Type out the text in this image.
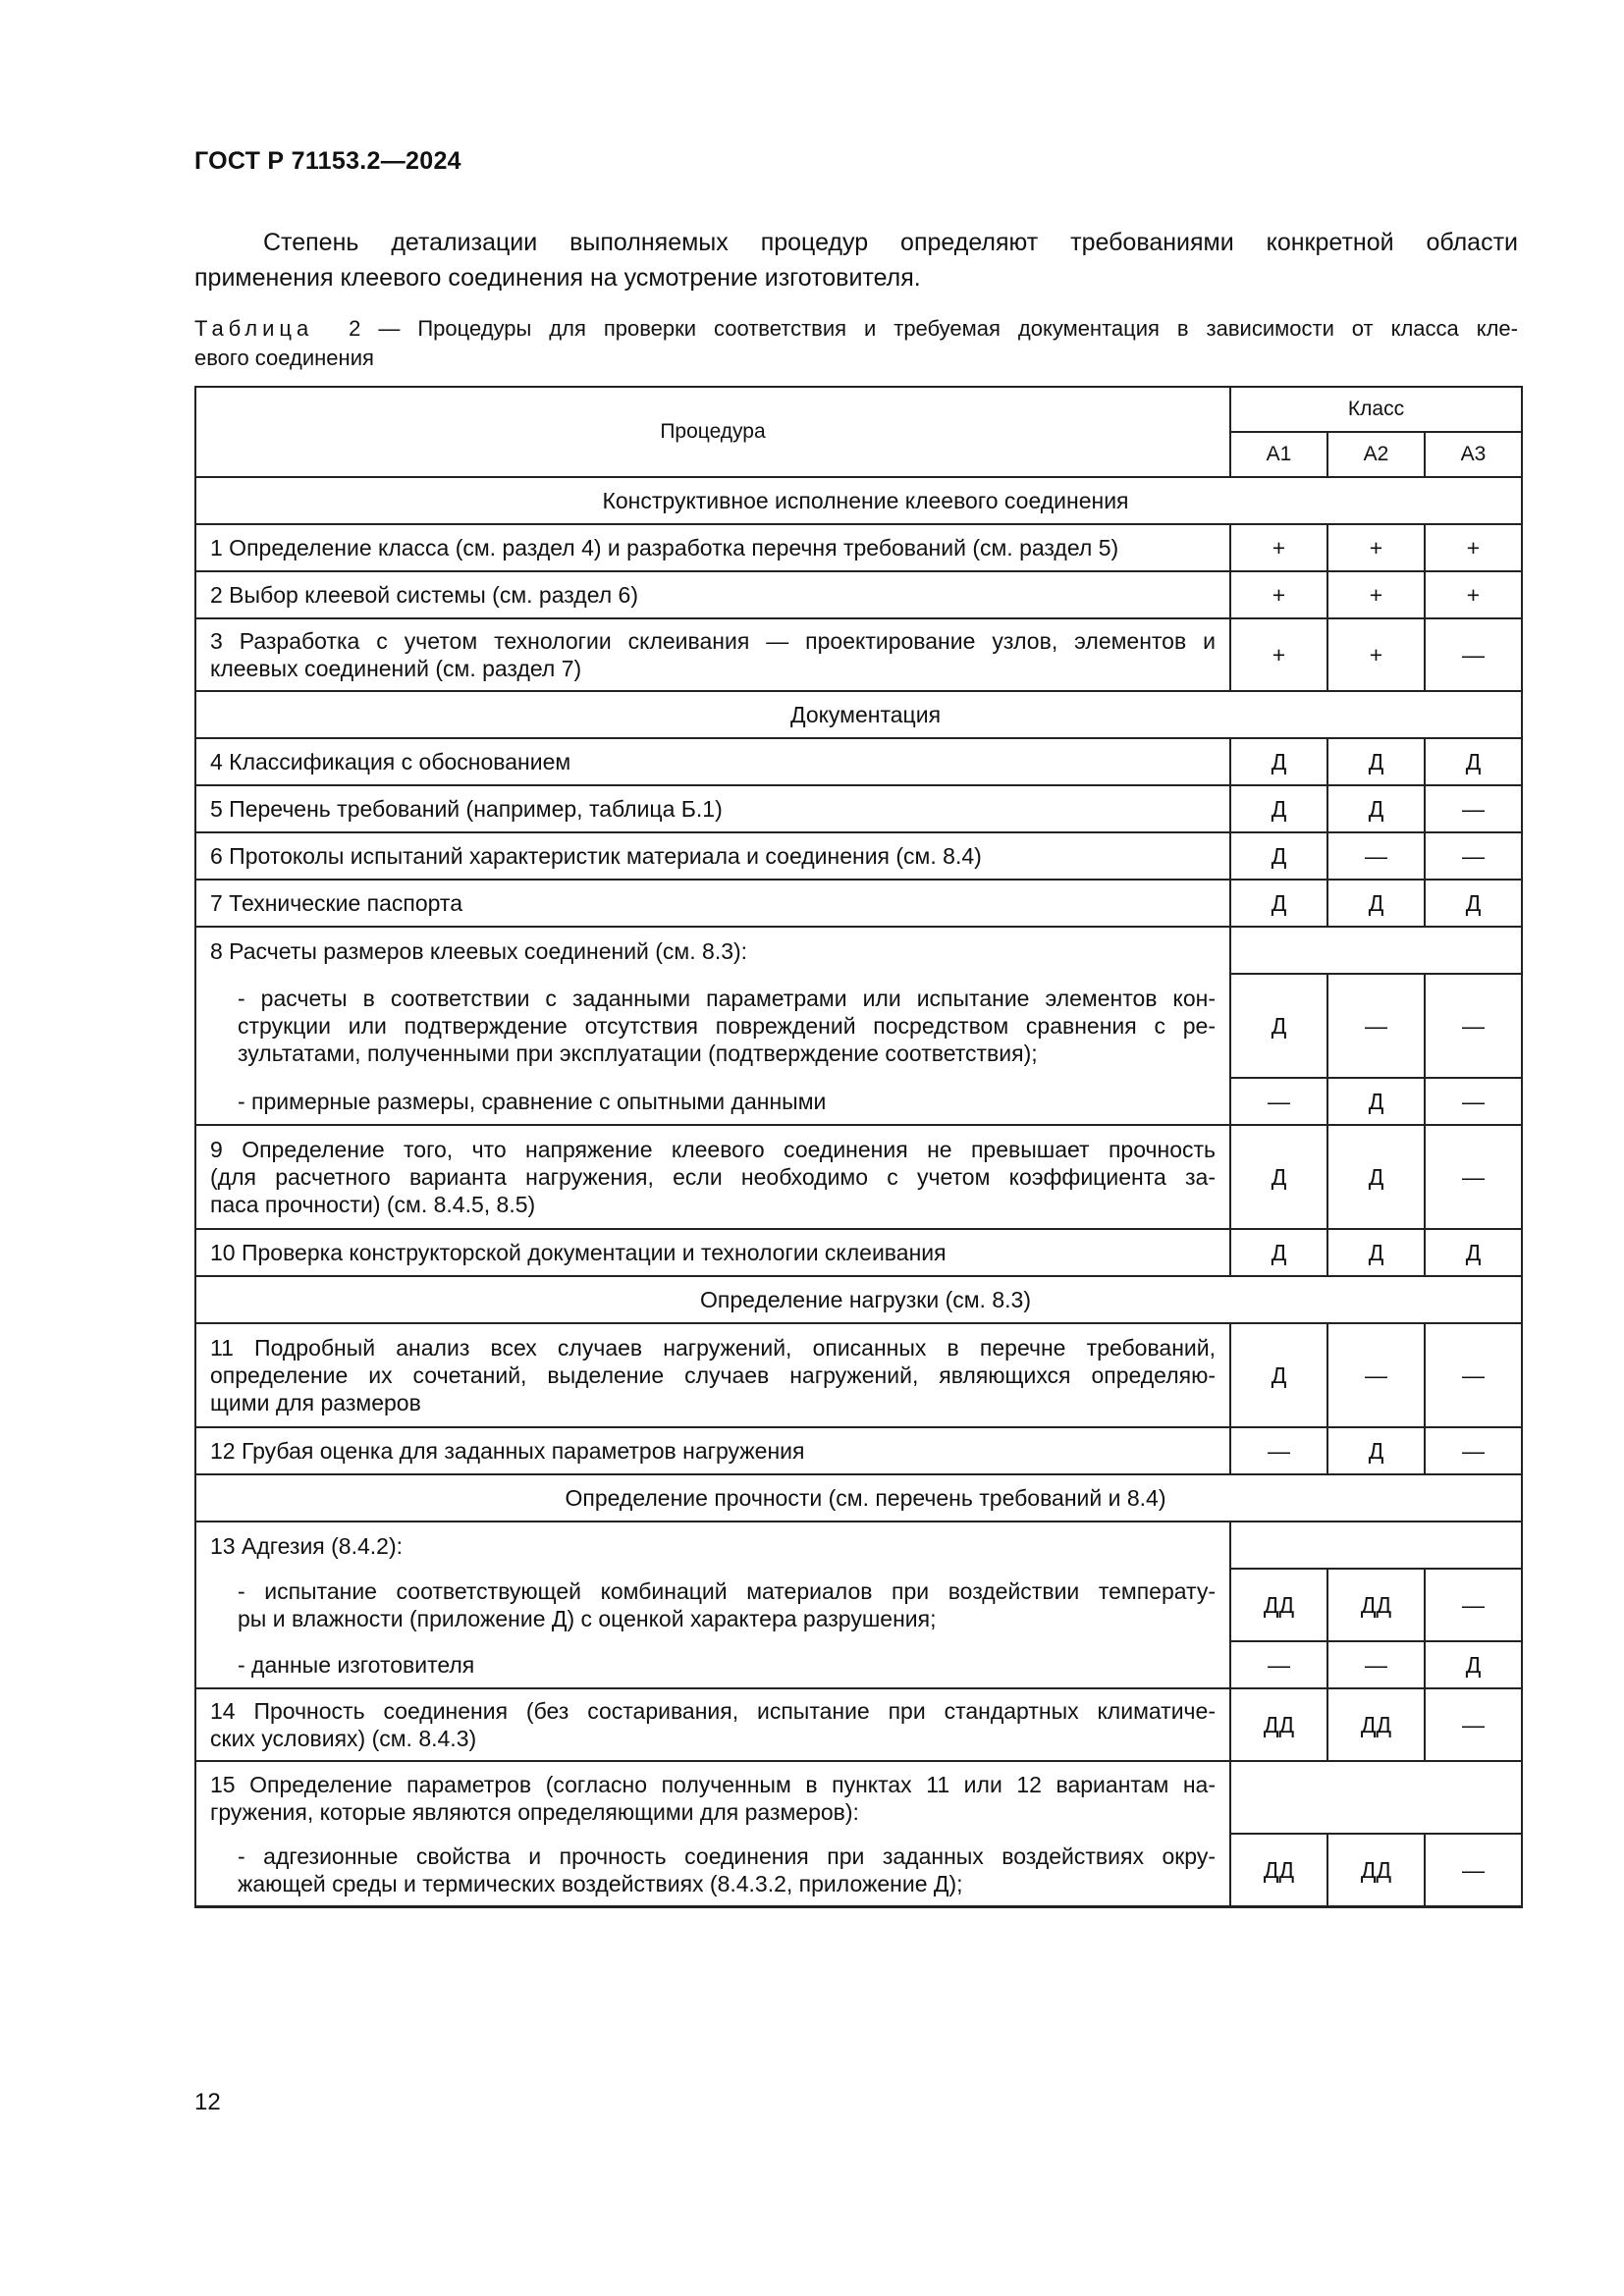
ГОСТ Р 71153.2—2024
Степень детализации выполняемых процедур определяют требованиями конкретной области
применения клеевого соединения на усмотрение изготовителя.
Таблица 2 — Процедуры для проверки соответствия и требуемая документация в зависимости от класса кле-
евого соединения
Процедура	Класс		
	А1	А2	А3
Конструктивное исполнение клеевого соединения			

1 Определение класса (см. раздел 4) и разработка перечня требований (см. раздел 5)	+	+	+

2 Выбор клеевой системы (см. раздел 6)	+	+	+

3 Разработка с учетом технологии склеивания — проектирование узлов, элементов и
клеевых соединений (см. раздел 7)	+	+	—
Документация			

4 Классификация с обоснованием	Д	Д	Д

5 Перечень требований (например, таблица Б.1)	Д	Д	—

6 Протоколы испытаний характеристик материала и соединения (см. 8.4)	Д	—	—

7 Технические паспорта	Д	Д	Д

8 Расчеты размеров клеевых соединений (см. 8.3):			

- расчеты в соответствии с заданными параметрами или испытание элементов кон-
струкции или подтверждение отсутствия повреждений посредством сравнения с ре-
зультатами, полученными при эксплуатации (подтверждение соответствия);	Д	—	—

- примерные размеры, сравнение с опытными данными	—	Д	—

9 Определение того, что напряжение клеевого соединения не превышает прочность
(для расчетного варианта нагружения, если необходимо с учетом коэффициента за-
паса прочности) (см. 8.4.5, 8.5)	Д	Д	—

10 Проверка конструкторской документации и технологии склеивания	Д	Д	Д
Определение нагрузки (см. 8.3)			

11 Подробный анализ всех случаев нагружений, описанных в перечне требований,
определение их сочетаний, выделение случаев нагружений, являющихся определяю-
щими для размеров	Д	—	—

12 Грубая оценка для заданных параметров нагружения	—	Д	—
Определение прочности (см. перечень требований и 8.4)			

13 Адгезия (8.4.2):			

- испытание соответствующей комбинаций материалов при воздействии температу-
ры и влажности (приложение Д) с оценкой характера разрушения;	ДД	ДД	—

- данные изготовителя	—	—	Д

14 Прочность соединения (без состаривания, испытание при стандартных климатиче-
ских условиях) (см. 8.4.3)	ДД	ДД	—

15 Определение параметров (согласно полученным в пунктах 11 или 12 вариантам на-
гружения, которые являются определяющими для размеров):			

- адгезионные свойства и прочность соединения при заданных воздействиях окру-
жающей среды и термических воздействиях (8.4.3.2, приложение Д);	ДД	ДД	—
12
